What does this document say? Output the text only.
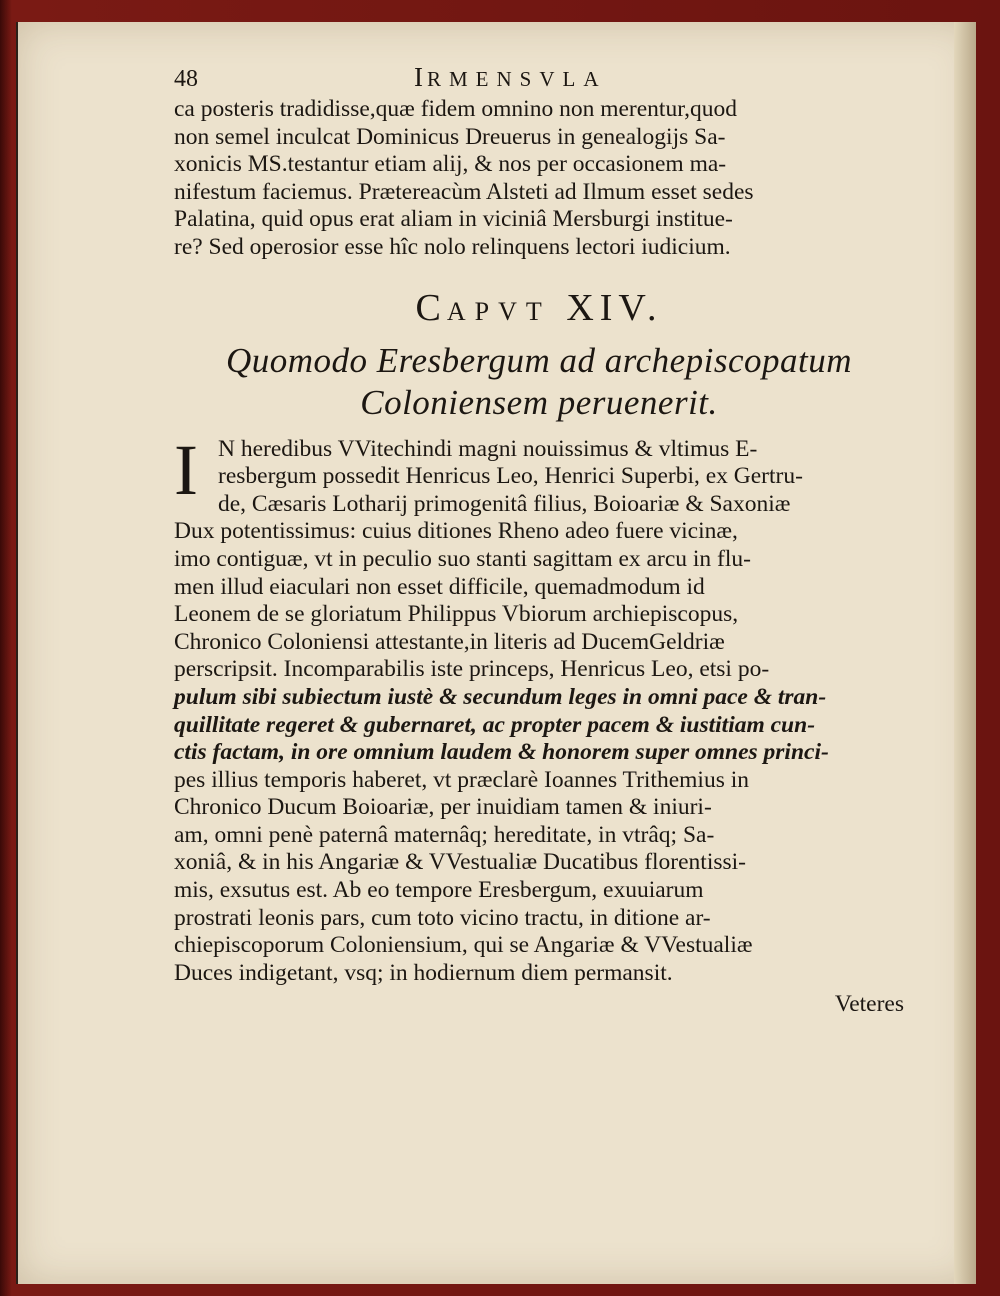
48	IRMENSVLA

ca posteris tradidisse,quæ fidem omnino non merentur,quod
non semel inculcat Dominicus Dreuerus in genealogijs Sa-
xonicis MS.testantur etiam alij, & nos per occasionem ma-
nifestum faciemus. Prætereacùm Alsteti ad Ilmum esset sedes
Palatina, quid opus erat aliam in viciniâ Mersburgi institue-
re? Sed operosior esse hîc nolo relinquens lectori iudicium.

CAPVT XIV.
Quomodo Eresbergum ad archepiscopatum
Coloniensem peruenerit.

I N heredibus VVitechindi magni nouissimus & vltimus E-
resbergum possedit Henricus Leo, Henrici Superbi, ex Gertru-
de, Cæsaris Lotharij primogenitâ filius, Boioariæ & Saxoniæ
Dux potentissimus: cuius ditiones Rheno adeo fuere vicinæ,
imo contiguæ, vt in peculio suo stanti sagittam ex arcu in flu-
men illud eiaculari non esset difficile, quemadmodum id
Leonem de se gloriatum Philippus Vbiorum archiepiscopus,
Chronico Coloniensi attestante,in literis ad DucemGeldriæ
perscripsit. Incomparabilis iste princeps, Henricus Leo, etsi po-
pulum sibi subiectum iustè & secundum leges in omni pace & tran-
quillitate regeret & gubernaret, ac propter pacem & iustitiam cun-
ctis factam, in ore omnium laudem & honorem super omnes princi-
pes illius temporis haberet, vt præclarè Ioannes Trithemius in
Chronico Ducum Boioariæ, per inuidiam tamen & iniuri-
am, omni penè paternâ maternâq; hereditate, in vtrâq; Sa-
xoniâ, & in his Angariæ & VVestualiæ Ducatibus florentissi-
mis, exsutus est. Ab eo tempore Eresbergum, exuuiarum
prostrati leonis pars, cum toto vicino tractu, in ditione ar-
chiepiscoporum Coloniensium, qui se Angariæ & VVestualiæ
Duces indigetant, vsq; in hodiernum diem permansit.

Veteres
